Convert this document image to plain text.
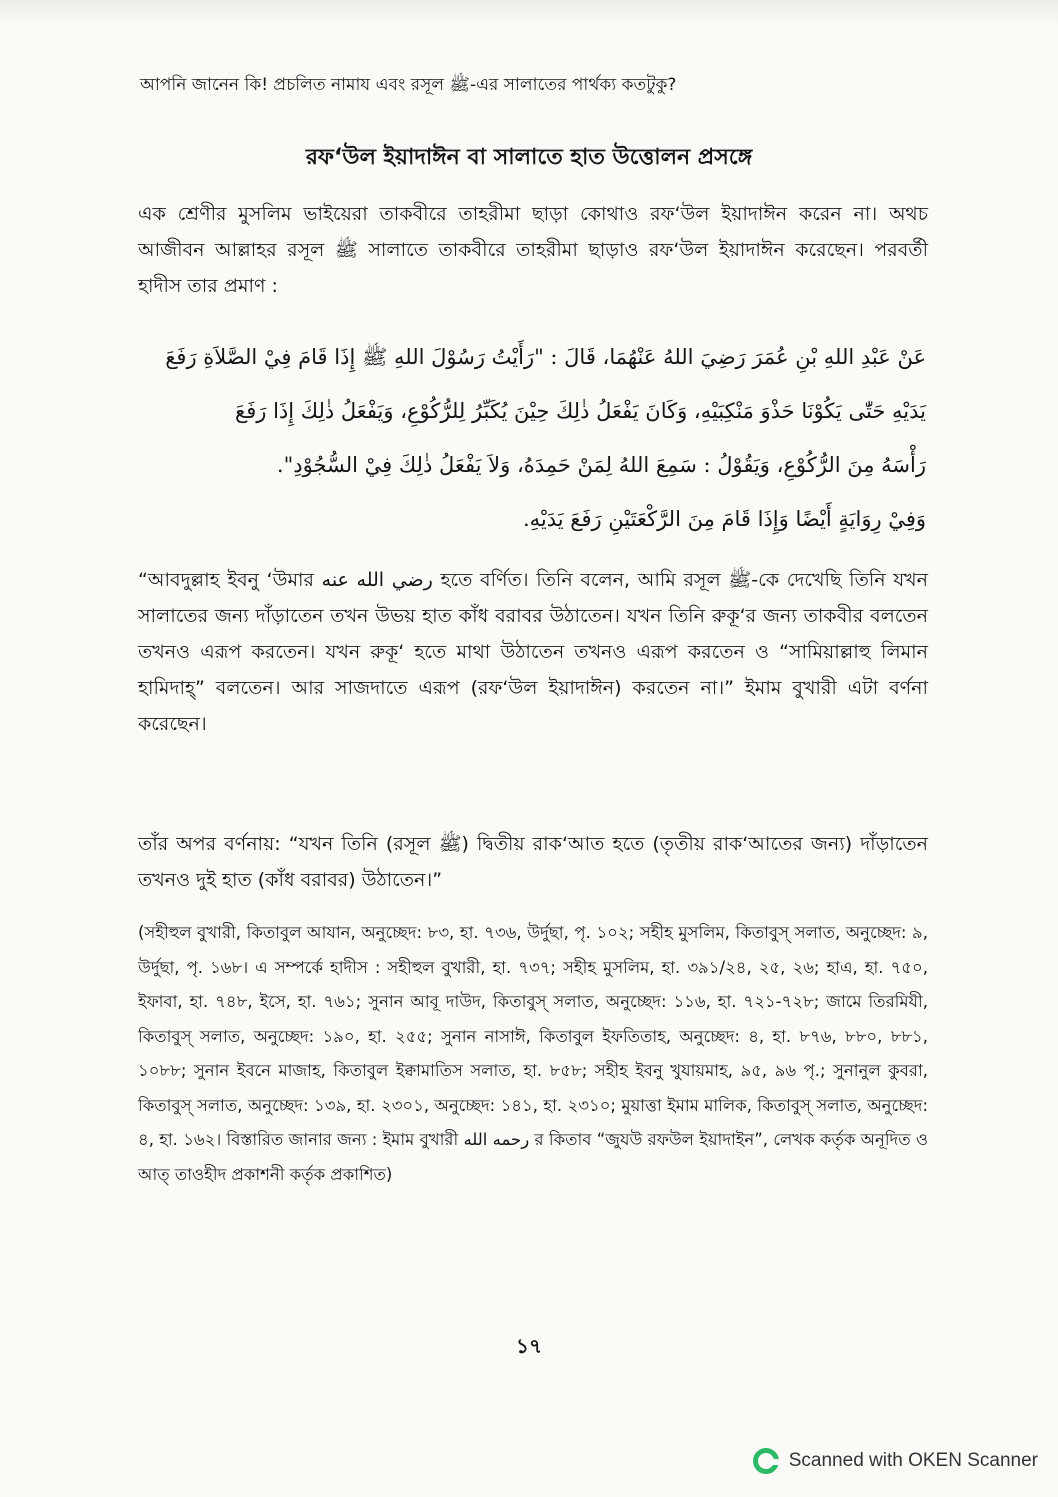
আপনি জানেন কি! প্রচলিত নামায এবং রসূল ﷺ-এর সালাতের পার্থক্য কতটুকু?
রফ‘উল ইয়াদাঈন বা সালাতে হাত উত্তোলন প্রসঙ্গে
এক শ্রেণীর মুসলিম ভাইয়েরা তাকবীরে তাহরীমা ছাড়া কোথাও রফ‘উল ইয়াদাঈন করেন না। অথচ আজীবন আল্লাহর রসূল ﷺ সালাতে তাকবীরে তাহরীমা ছাড়াও রফ‘উল ইয়াদাঈন করেছেন। পরবর্তী হাদীস তার প্রমাণ :
عَنْ عَبْدِ اللهِ بْنِ عُمَرَ رَضِيَ اللهُ عَنْهُمَا، قَالَ : "رَأَيْتُ رَسُوْلَ اللهِ ﷺ إِذَا قَامَ فِيْ الصَّلاَةِ رَفَعَ
يَدَيْهِ حَتّٰى يَكُوْنَا حَذْوَ مَنْكِبَيْهِ، وَكَانَ يَفْعَلُ ذٰلِكَ حِيْنَ يُكَبِّرُ لِلرُّكُوْعِ، وَيَفْعَلُ ذٰلِكَ إِذَا رَفَعَ
رَأْسَهُ مِنَ الرُّكُوْعِ، وَيَقُوْلُ : سَمِعَ اللهُ لِمَنْ حَمِدَهُ، وَلاَ يَفْعَلُ ذٰلِكَ فِيْ السُّجُوْدِ".
وَفِيْ رِوَايَةٍ أَيْضًا وَإِذَا قَامَ مِنَ الرَّكْعَتَيْنِ رَفَعَ يَدَيْهِ.
“আবদুল্লাহ ইবনু ‘উমার رضي الله عنه হতে বর্ণিত। তিনি বলেন, আমি রসূল ﷺ-কে দেখেছি তিনি যখন সালাতের জন্য দাঁড়াতেন তখন উভয় হাত কাঁধ বরাবর উঠাতেন। যখন তিনি রুকূ‘র জন্য তাকবীর বলতেন তখনও এরূপ করতেন। যখন রুকূ‘ হতে মাথা উঠাতেন তখনও এরূপ করতেন ও “সামিয়াল্লাহু লিমান হামিদাহ্” বলতেন। আর সাজদাতে এরূপ (রফ‘উল ইয়াদাঈন) করতেন না।” ইমাম বুখারী এটা বর্ণনা করেছেন।
তাঁর অপর বর্ণনায়: “যখন তিনি (রসূল ﷺ) দ্বিতীয় রাক‘আত হতে (তৃতীয় রাক‘আতের জন্য) দাঁড়াতেন তখনও দুই হাত (কাঁধ বরাবর) উঠাতেন।”
(সহীহুল বুখারী, কিতাবুল আযান, অনুচ্ছেদ: ৮৩, হা. ৭৩৬, উর্দুছা, পৃ. ১০২; সহীহ মুসলিম, কিতাবুস্ সলাত, অনুচ্ছেদ: ৯, উর্দুছা, পৃ. ১৬৮। এ সম্পর্কে হাদীস : সহীহুল বুখারী, হা. ৭৩৭; সহীহ মুসলিম, হা. ৩৯১/২৪, ২৫, ২৬; হাএ, হা. ৭৫০, ইফাবা, হা. ৭৪৮, ইসে, হা. ৭৬১; সুনান আবূ দাউদ, কিতাবুস্ সলাত, অনুচ্ছেদ: ১১৬, হা. ৭২১-৭২৮; জামে তিরমিযী, কিতাবুস্ সলাত, অনুচ্ছেদ: ১৯০, হা. ২৫৫; সুনান নাসাঈ, কিতাবুল ইফতিতাহ, অনুচ্ছেদ: ৪, হা. ৮৭৬, ৮৮০, ৮৮১, ১০৮৮; সুনান ইবনে মাজাহ, কিতাবুল ইক্বামাতিস সলাত, হা. ৮৫৮; সহীহ ইবনু খুযায়মাহ, ৯৫, ৯৬ পৃ.; সুনানুল কুবরা, কিতাবুস্ সলাত, অনুচ্ছেদ: ১৩৯, হা. ২৩০১, অনুচ্ছেদ: ১৪১, হা. ২৩১০; মুয়াত্তা ইমাম মালিক, কিতাবুস্ সলাত, অনুচ্ছেদ: ৪, হা. ১৬২। বিস্তারিত জানার জন্য : ইমাম বুখারী رحمه الله র কিতাব “জুযউ রফউল ইয়াদাইন”, লেখক কর্তৃক অনূদিত ও আত্ তাওহীদ প্রকাশনী কর্তৃক প্রকাশিত)
১৭
Scanned with OKEN Scanner
